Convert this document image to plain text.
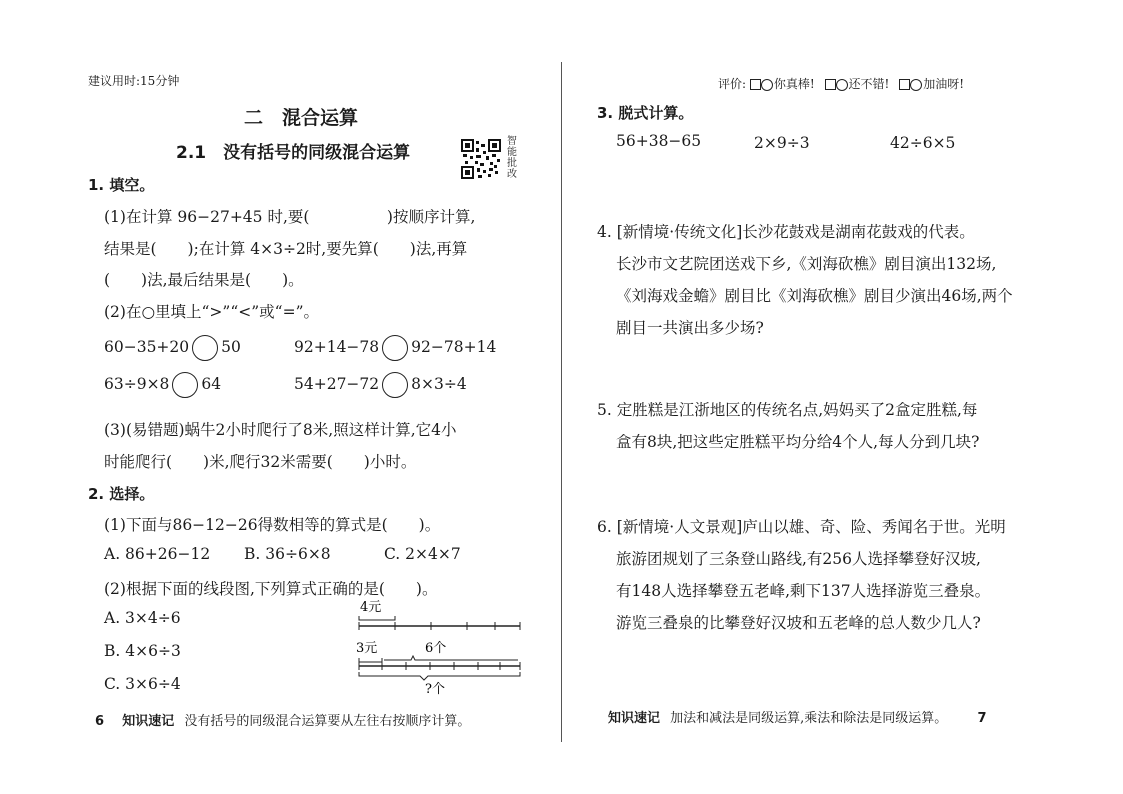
建议用时:15分钟
二　混合运算
2.1　没有括号的同级混合运算
智能批改
1. 填空。
(1)在计算 96−27+45 时,要(　　　　　)按顺序计算,
结果是(　　);在计算 4×3÷2时,要先算(　　)法,再算
(　　)法,最后结果是(　　)。
(2)在○里填上“>”“<”或“=”。
60−35+20 50	92+14−78 92−78+14
63÷9×8 64	54+27−72 8×3÷4
(3)(易错题)蜗牛2小时爬行了8米,照这样计算,它4小
时能爬行(　　)米,爬行32米需要(　　)小时。
2. 选择。
(1)下面与86−12−26得数相等的算式是(　　)。
A. 86+26−12 B. 36÷6×8	C. 2×4×7
(2)根据下面的线段图,下列算式正确的是(　　)。
A. 3×4÷6
B. 4×6÷3
C. 3×6÷4
4元
3元	6个
?个
6 知识速记 没有括号的同级混合运算要从左往右按顺序计算。
评价: 你真棒!	还不错!	加油呀!
3. 脱式计算。
56+38−65	2×9÷3	42÷6×5
4. [新情境·传统文化]长沙花鼓戏是湖南花鼓戏的代表。
长沙市文艺院团送戏下乡,《刘海砍樵》剧目演出132场,
《刘海戏金蟾》剧目比《刘海砍樵》剧目少演出46场,两个
剧目一共演出多少场?
5. 定胜糕是江浙地区的传统名点,妈妈买了2盒定胜糕,每
盒有8块,把这些定胜糕平均分给4个人,每人分到几块?
6. [新情境·人文景观]庐山以雄、奇、险、秀闻名于世。光明
旅游团规划了三条登山路线,有256人选择攀登好汉坡,
有148人选择攀登五老峰,剩下137人选择游览三叠泉。
游览三叠泉的比攀登好汉坡和五老峰的总人数少几人?
知识速记 加法和减法是同级运算,乘法和除法是同级运算。 7
